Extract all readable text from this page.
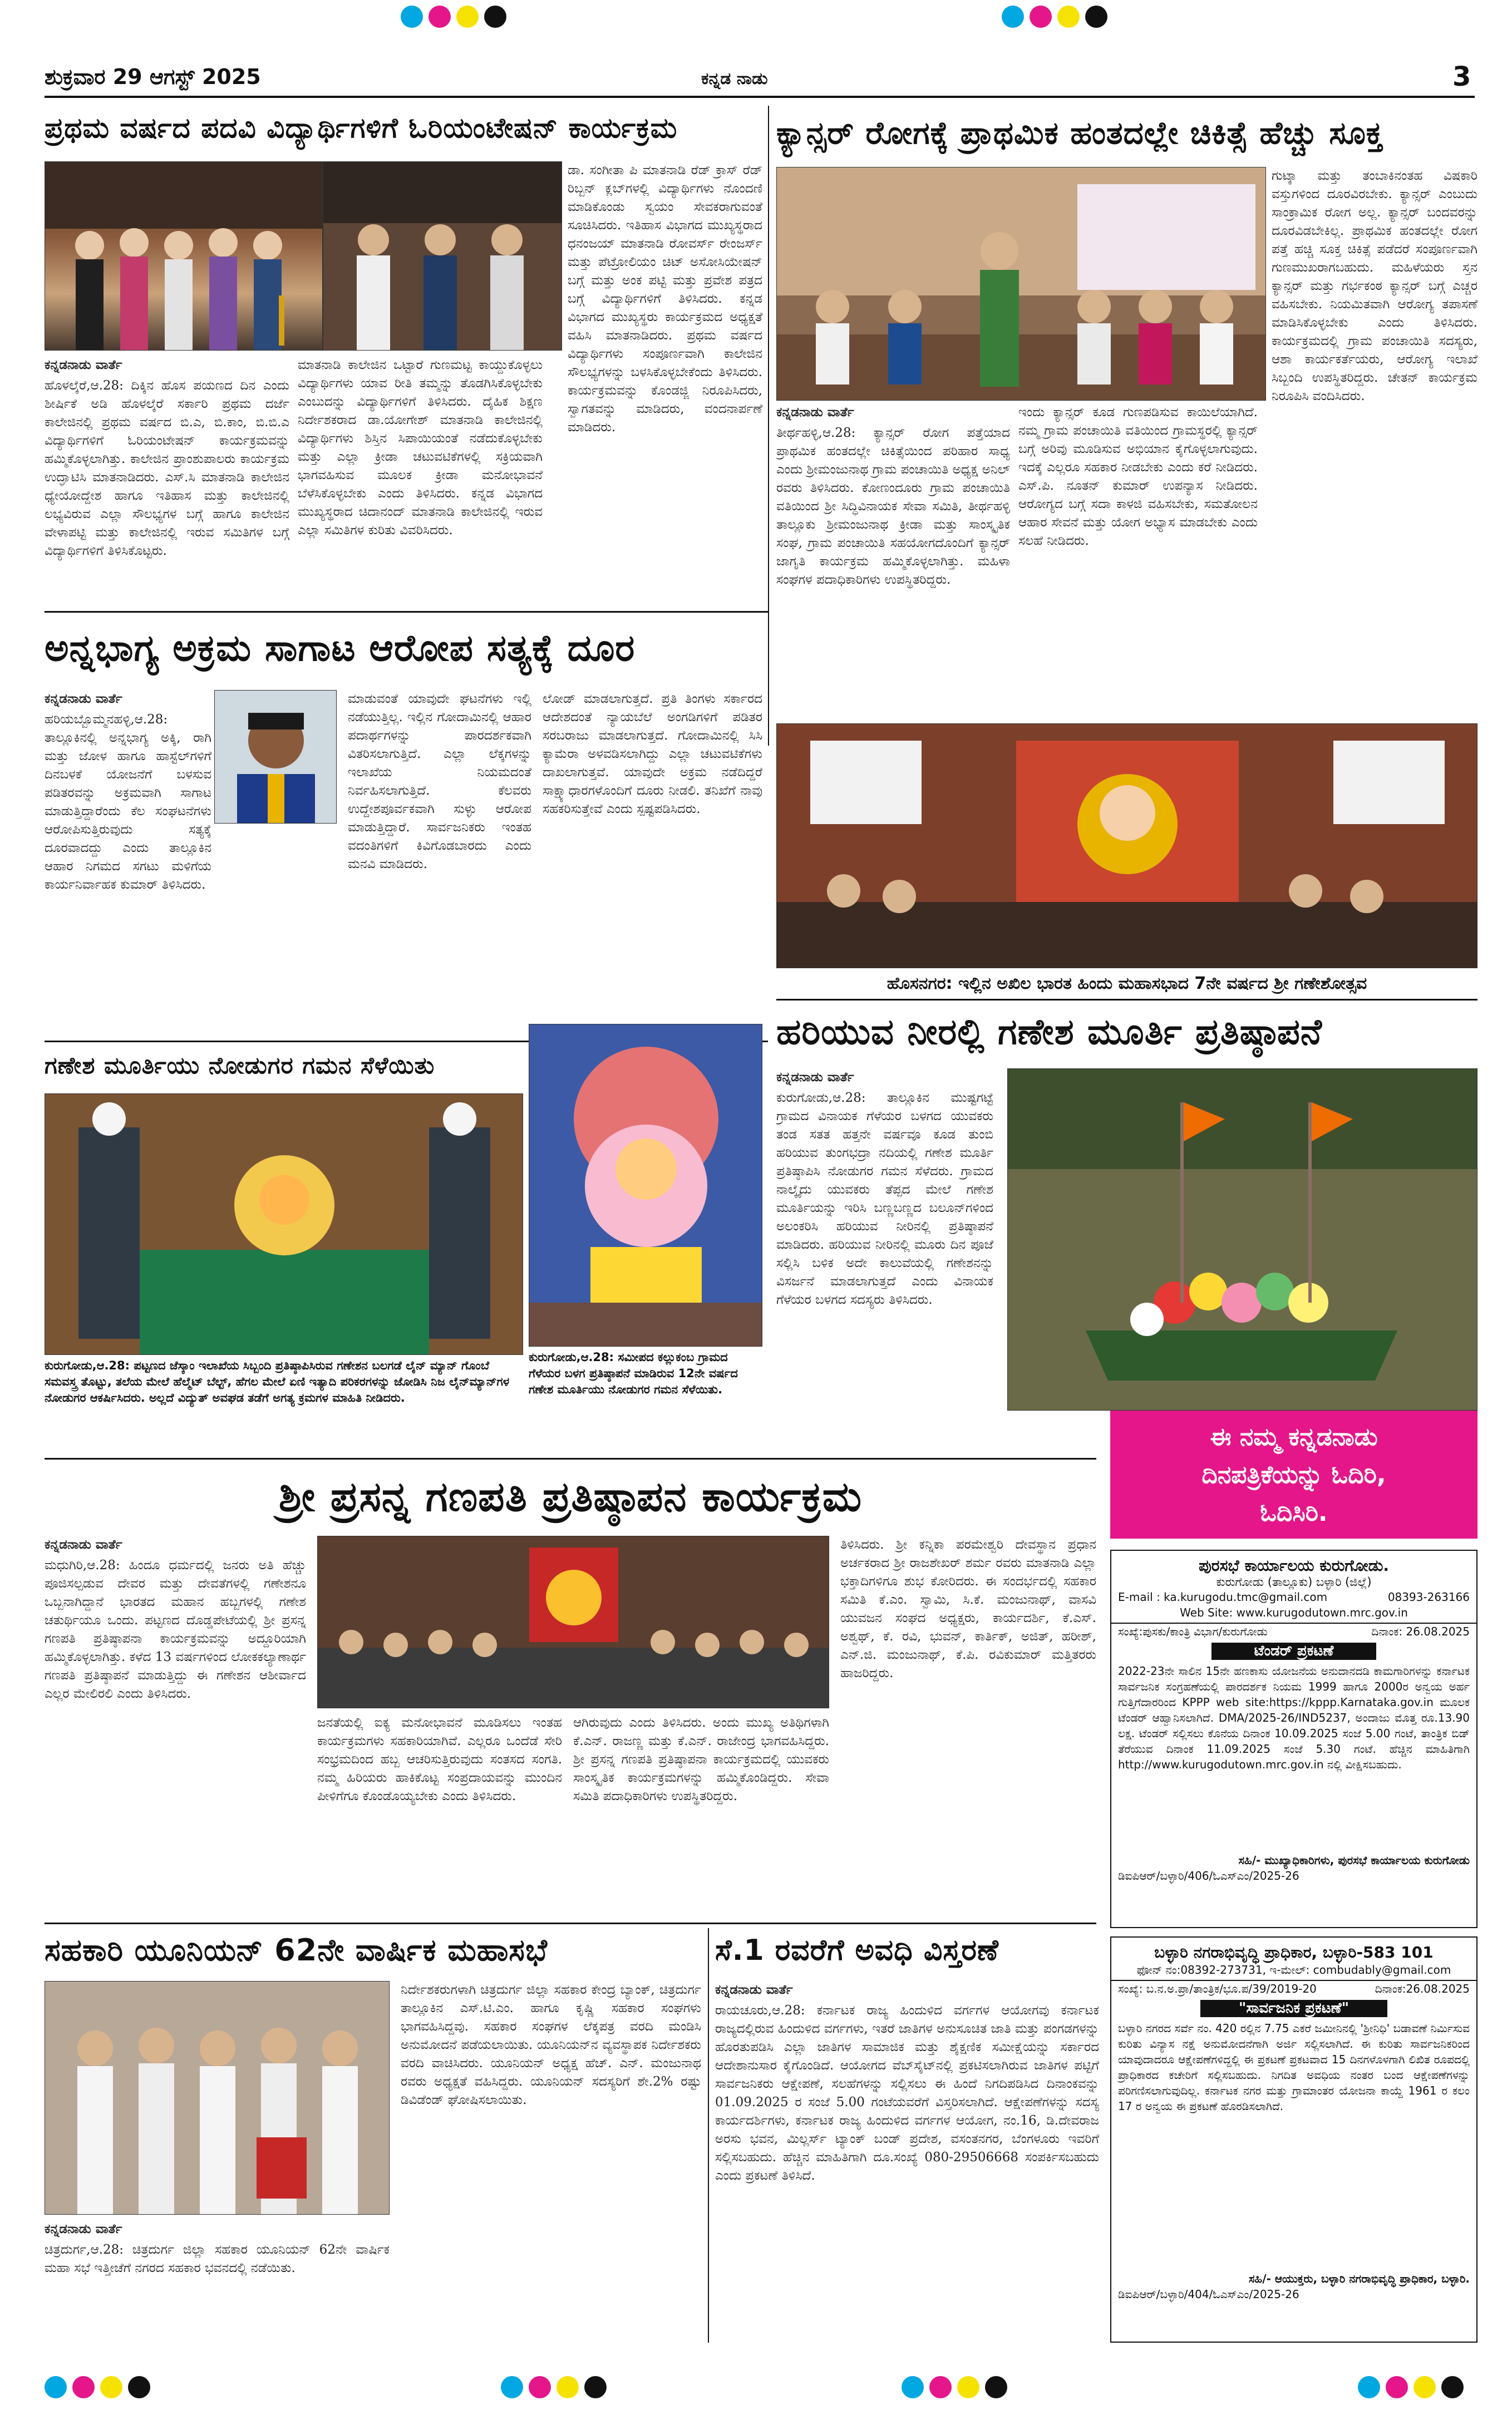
ಶುಕ್ರವಾರ 29 ಆಗಸ್ಟ್ 2025	ಕನ್ನಡ ನಾಡು	3
ಪ್ರಥಮ ವರ್ಷದ ಪದವಿ ವಿದ್ಯಾರ್ಥಿಗಳಿಗೆ ಓರಿಯಂಟೇಷನ್ ಕಾರ್ಯಕ್ರಮ
ಕನ್ನಡನಾಡು ವಾರ್ತೆ
ಹೊಳಲ್ಕೆರೆ,ಆ.28: ದಿಕ್ಕಿನ ಹೊಸ ಪಯಣದ ದಿನ ಎಂದು ಶೀರ್ಷಿಕೆ ಅಡಿ ಹೊಳಲ್ಕೆರೆ ಸರ್ಕಾರಿ ಪ್ರಥಮ ದರ್ಜೆ ಕಾಲೇಜಿನಲ್ಲಿ ಪ್ರಥಮ ವರ್ಷದ ಬಿ.ಎ, ಬಿ.ಕಾಂ, ಬಿ.ಬಿ.ಎ ವಿದ್ಯಾರ್ಥಿಗಳಿಗೆ ಓರಿಯಂಟೇಷನ್ ಕಾರ್ಯಕ್ರಮವನ್ನು ಹಮ್ಮಿಕೊಳ್ಳಲಾಗಿತ್ತು. ಕಾಲೇಜಿನ ಪ್ರಾಂಶುಪಾಲರು ಕಾರ್ಯಕ್ರಮ ಉದ್ಘಾಟಿಸಿ ಮಾತನಾಡಿದರು. ಎಸ್.ಸಿ ಮಾತನಾಡಿ ಕಾಲೇಜಿನ ಧ್ಯೇಯೋದ್ದೇಶ ಹಾಗೂ ಇತಿಹಾಸ ಮತ್ತು ಕಾಲೇಜಿನಲ್ಲಿ ಲಭ್ಯವಿರುವ ಎಲ್ಲಾ ಸೌಲಭ್ಯಗಳ ಬಗ್ಗೆ ಹಾಗೂ ಕಾಲೇಜಿನ ವೇಳಾಪಟ್ಟಿ ಮತ್ತು ಕಾಲೇಜಿನಲ್ಲಿ ಇರುವ ಸಮಿತಿಗಳ ಬಗ್ಗೆ ವಿದ್ಯಾರ್ಥಿಗಳಿಗೆ ತಿಳಿಸಿಕೊಟ್ಟರು.
ಮಾತನಾಡಿ ಕಾಲೇಜಿನ ಒಟ್ಟಾರೆ ಗುಣಮಟ್ಟ ಕಾಯ್ದುಕೊಳ್ಳಲು ವಿದ್ಯಾರ್ಥಿಗಳು ಯಾವ ರೀತಿ ತಮ್ಮನ್ನು ತೊಡಗಿಸಿಕೊಳ್ಳಬೇಕು ಎಂಬುದನ್ನು ವಿದ್ಯಾರ್ಥಿಗಳಿಗೆ ತಿಳಿಸಿದರು. ದೈಹಿಕ ಶಿಕ್ಷಣ ನಿರ್ದೇಶಕರಾದ ಡಾ.ಯೋಗೇಶ್ ಮಾತನಾಡಿ ಕಾಲೇಜಿನಲ್ಲಿ ವಿದ್ಯಾರ್ಥಿಗಳು ಶಿಸ್ತಿನ ಸಿಪಾಯಿಯಂತೆ ನಡೆದುಕೊಳ್ಳಬೇಕು ಮತ್ತು ಎಲ್ಲಾ ಕ್ರೀಡಾ ಚಟುವಟಿಕೆಗಳಲ್ಲಿ ಸಕ್ರಿಯವಾಗಿ ಭಾಗವಹಿಸುವ ಮೂಲಕ ಕ್ರೀಡಾ ಮನೋಭಾವನೆ ಬೆಳೆಸಿಕೊಳ್ಳಬೇಕು ಎಂದು ತಿಳಿಸಿದರು. ಕನ್ನಡ ವಿಭಾಗದ ಮುಖ್ಯಸ್ಥರಾದ ಚಿದಾನಂದ್ ಮಾತನಾಡಿ ಕಾಲೇಜಿನಲ್ಲಿ ಇರುವ ಎಲ್ಲಾ ಸಮಿತಿಗಳ ಕುರಿತು ವಿವರಿಸಿದರು.
ಡಾ. ಸಂಗೀತಾ ಪಿ ಮಾತನಾಡಿ ರೆಡ್ ಕ್ರಾಸ್ ರೆಡ್ ರಿಬ್ಬನ್ ಕ್ಲಬ್‌ಗಳಲ್ಲಿ ವಿದ್ಯಾರ್ಥಿಗಳು ನೊಂದಣಿ ಮಾಡಿಕೊಂಡು ಸ್ವಯಂ ಸೇವಕರಾಗುವಂತೆ ಸೂಚಿಸಿದರು. ಇತಿಹಾಸ ವಿಭಾಗದ ಮುಖ್ಯಸ್ಥರಾದ ಧನಂಜಯ್ ಮಾತನಾಡಿ ರೋವರ್ಸ್ ರೇಂಜರ್ಸ್ ಮತ್ತು ಪೆಟ್ರೋಲಿಯಂ ಚಿಟ್ ಅಸೋಸಿಯೇಷನ್ ಬಗ್ಗೆ ಮತ್ತು ಅಂಕ ಪಟ್ಟಿ ಮತ್ತು ಪ್ರವೇಶ ಪತ್ರದ ಬಗ್ಗೆ ವಿದ್ಯಾರ್ಥಿಗಳಿಗೆ ತಿಳಿಸಿದರು. ಕನ್ನಡ ವಿಭಾಗದ ಮುಖ್ಯಸ್ಥರು ಕಾರ್ಯಕ್ರಮದ ಅಧ್ಯಕ್ಷತೆ ವಹಿಸಿ ಮಾತನಾಡಿದರು. ಪ್ರಥಮ ವರ್ಷದ ವಿದ್ಯಾರ್ಥಿಗಳು ಸಂಪೂರ್ಣವಾಗಿ ಕಾಲೇಜಿನ ಸೌಲಭ್ಯಗಳನ್ನು ಬಳಸಿಕೊಳ್ಳಬೇಕೆಂದು ತಿಳಿಸಿದರು. ಕಾರ್ಯಕ್ರಮವನ್ನು ಕೊಂಡಜ್ಜಿ ನಿರೂಪಿಸಿದರು, ಸ್ವಾಗತವನ್ನು ಮಾಡಿದರು, ವಂದನಾರ್ಪಣೆ ಮಾಡಿದರು.
ಕ್ಯಾನ್ಸರ್ ರೋಗಕ್ಕೆ ಪ್ರಾಥಮಿಕ ಹಂತದಲ್ಲೇ ಚಿಕಿತ್ಸೆ ಹೆಚ್ಚು ಸೂಕ್ತ
ಕನ್ನಡನಾಡು ವಾರ್ತೆ
ತೀರ್ಥಹಳ್ಳಿ,ಆ.28: ಕ್ಯಾನ್ಸರ್ ರೋಗ ಪತ್ತೆಯಾದ ಪ್ರಾಥಮಿಕ ಹಂತದಲ್ಲೇ ಚಿಕಿತ್ಸೆಯಿಂದ ಪರಿಹಾರ ಸಾಧ್ಯ ಎಂದು ಶ್ರೀಮಂಜುನಾಥ ಗ್ರಾಮ ಪಂಚಾಯಿತಿ ಅಧ್ಯಕ್ಷ ಅನಿಲ್ ರವರು ತಿಳಿಸಿದರು. ಕೋಣಂದೂರು ಗ್ರಾಮ ಪಂಚಾಯಿತಿ ವತಿಯಿಂದ ಶ್ರೀ ಸಿದ್ಧಿವಿನಾಯಕ ಸೇವಾ ಸಮಿತಿ, ತೀರ್ಥಹಳ್ಳಿ ತಾಲ್ಲೂಕು ಶ್ರೀಮಂಜುನಾಥ ಕ್ರೀಡಾ ಮತ್ತು ಸಾಂಸ್ಕೃತಿಕ ಸಂಘ, ಗ್ರಾಮ ಪಂಚಾಯಿತಿ ಸಹಯೋಗದೊಂದಿಗೆ ಕ್ಯಾನ್ಸರ್ ಜಾಗೃತಿ ಕಾರ್ಯಕ್ರಮ ಹಮ್ಮಿಕೊಳ್ಳಲಾಗಿತ್ತು. ಮಹಿಳಾ ಸಂಘಗಳ ಪದಾಧಿಕಾರಿಗಳು ಉಪಸ್ಥಿತರಿದ್ದರು.
ಇಂದು ಕ್ಯಾನ್ಸರ್ ಕೂಡ ಗುಣಪಡಿಸುವ ಕಾಯಿಲೆಯಾಗಿದೆ. ನಮ್ಮ ಗ್ರಾಮ ಪಂಚಾಯಿತಿ ವತಿಯಿಂದ ಗ್ರಾಮಸ್ಥರಲ್ಲಿ ಕ್ಯಾನ್ಸರ್ ಬಗ್ಗೆ ಅರಿವು ಮೂಡಿಸುವ ಅಭಿಯಾನ ಕೈಗೊಳ್ಳಲಾಗುವುದು. ಇದಕ್ಕೆ ಎಲ್ಲರೂ ಸಹಕಾರ ನೀಡಬೇಕು ಎಂದು ಕರೆ ನೀಡಿದರು. ಎಸ್.ಪಿ. ನೂತನ್ ಕುಮಾರ್ ಉಪನ್ಯಾಸ ನೀಡಿದರು. ಆರೋಗ್ಯದ ಬಗ್ಗೆ ಸದಾ ಕಾಳಜಿ ವಹಿಸಬೇಕು, ಸಮತೋಲನ ಆಹಾರ ಸೇವನೆ ಮತ್ತು ಯೋಗ ಅಭ್ಯಾಸ ಮಾಡಬೇಕು ಎಂದು ಸಲಹೆ ನೀಡಿದರು.
ಗುಟ್ಕಾ ಮತ್ತು ತಂಬಾಕಿನಂತಹ ವಿಷಕಾರಿ ವಸ್ತುಗಳಿಂದ ದೂರವಿರಬೇಕು. ಕ್ಯಾನ್ಸರ್ ಎಂಬುದು ಸಾಂಕ್ರಾಮಿಕ ರೋಗ ಅಲ್ಲ. ಕ್ಯಾನ್ಸರ್ ಬಂದವರನ್ನು ದೂರವಿಡಬೇಕಿಲ್ಲ. ಪ್ರಾಥಮಿಕ ಹಂತದಲ್ಲೇ ರೋಗ ಪತ್ತೆ ಹಚ್ಚಿ ಸೂಕ್ತ ಚಿಕಿತ್ಸೆ ಪಡೆದರೆ ಸಂಪೂರ್ಣವಾಗಿ ಗುಣಮುಖರಾಗಬಹುದು. ಮಹಿಳೆಯರು ಸ್ತನ ಕ್ಯಾನ್ಸರ್ ಮತ್ತು ಗರ್ಭಕಂಠ ಕ್ಯಾನ್ಸರ್ ಬಗ್ಗೆ ಎಚ್ಚರ ವಹಿಸಬೇಕು. ನಿಯಮಿತವಾಗಿ ಆರೋಗ್ಯ ತಪಾಸಣೆ ಮಾಡಿಸಿಕೊಳ್ಳಬೇಕು ಎಂದು ತಿಳಿಸಿದರು. ಕಾರ್ಯಕ್ರಮದಲ್ಲಿ ಗ್ರಾಮ ಪಂಚಾಯಿತಿ ಸದಸ್ಯರು, ಆಶಾ ಕಾರ್ಯಕರ್ತೆಯರು, ಆರೋಗ್ಯ ಇಲಾಖೆ ಸಿಬ್ಬಂದಿ ಉಪಸ್ಥಿತರಿದ್ದರು. ಚೇತನ್ ಕಾರ್ಯಕ್ರಮ ನಿರೂಪಿಸಿ ವಂದಿಸಿದರು.
ಅನ್ನಭಾಗ್ಯ ಅಕ್ರಮ ಸಾಗಾಟ ಆರೋಪ ಸತ್ಯಕ್ಕೆ ದೂರ
ಕನ್ನಡನಾಡು ವಾರ್ತೆ
ಹರಿಯಬ್ಬೊಮ್ಮನಹಳ್ಳಿ,ಆ.28: ತಾಲ್ಲೂಕಿನಲ್ಲಿ ಅನ್ನಭಾಗ್ಯ ಅಕ್ಕಿ, ರಾಗಿ ಮತ್ತು ಜೋಳ ಹಾಗೂ ಹಾಸ್ಟೆಲ್‌ಗಳಿಗೆ ದಿನಬಳಕೆ ಯೋಜನೆಗೆ ಬಳಸುವ ಪಡಿತರವನ್ನು ಅಕ್ರಮವಾಗಿ ಸಾಗಾಟ ಮಾಡುತ್ತಿದ್ದಾರೆಂದು ಕೆಲ ಸಂಘಟನೆಗಳು ಆರೋಪಿಸುತ್ತಿರುವುದು ಸತ್ಯಕ್ಕೆ ದೂರವಾದದ್ದು ಎಂದು ತಾಲ್ಲೂಕಿನ ಆಹಾರ ನಿಗಮದ ಸಗಟು ಮಳಿಗೆಯ ಕಾರ್ಯನಿರ್ವಾಹಕ ಕುಮಾರ್ ತಿಳಿಸಿದರು.
ಮಾಡುವಂತೆ ಯಾವುದೇ ಘಟನೆಗಳು ಇಲ್ಲಿ ನಡೆಯುತ್ತಿಲ್ಲ. ಇಲ್ಲಿನ ಗೋದಾಮಿನಲ್ಲಿ ಆಹಾರ ಪದಾರ್ಥಗಳನ್ನು ಪಾರದರ್ಶಕವಾಗಿ ವಿತರಿಸಲಾಗುತ್ತಿದೆ. ಎಲ್ಲಾ ಲೆಕ್ಕಗಳನ್ನು ಇಲಾಖೆಯ ನಿಯಮದಂತೆ ನಿರ್ವಹಿಸಲಾಗುತ್ತಿದೆ. ಕೆಲವರು ಉದ್ದೇಶಪೂರ್ವಕವಾಗಿ ಸುಳ್ಳು ಆರೋಪ ಮಾಡುತ್ತಿದ್ದಾರೆ. ಸಾರ್ವಜನಿಕರು ಇಂತಹ ವದಂತಿಗಳಿಗೆ ಕಿವಿಗೊಡಬಾರದು ಎಂದು ಮನವಿ ಮಾಡಿದರು.
ಲೋಡ್ ಮಾಡಲಾಗುತ್ತದೆ. ಪ್ರತಿ ತಿಂಗಳು ಸರ್ಕಾರದ ಆದೇಶದಂತೆ ನ್ಯಾಯಬೆಲೆ ಅಂಗಡಿಗಳಿಗೆ ಪಡಿತರ ಸರಬರಾಜು ಮಾಡಲಾಗುತ್ತದೆ. ಗೋದಾಮಿನಲ್ಲಿ ಸಿಸಿ ಕ್ಯಾಮೆರಾ ಅಳವಡಿಸಲಾಗಿದ್ದು ಎಲ್ಲಾ ಚಟುವಟಿಕೆಗಳು ದಾಖಲಾಗುತ್ತವೆ. ಯಾವುದೇ ಅಕ್ರಮ ನಡೆದಿದ್ದರೆ ಸಾಕ್ಷ್ಯಾಧಾರಗಳೊಂದಿಗೆ ದೂರು ನೀಡಲಿ. ತನಿಖೆಗೆ ನಾವು ಸಹಕರಿಸುತ್ತೇವೆ ಎಂದು ಸ್ಪಷ್ಟಪಡಿಸಿದರು.
ಹೊಸನಗರ: ಇಲ್ಲಿನ ಅಖಿಲ ಭಾರತ ಹಿಂದು ಮಹಾಸಭಾದ 7ನೇ ವರ್ಷದ ಶ್ರೀ ಗಣೇಶೋತ್ಸವ
ಹರಿಯುವ ನೀರಲ್ಲಿ ಗಣೇಶ ಮೂರ್ತಿ ಪ್ರತಿಷ್ಠಾಪನೆ
ಕನ್ನಡನಾಡು ವಾರ್ತೆ
ಕುರುಗೋಡು,ಆ.28: ತಾಲ್ಲೂಕಿನ ಮುಷ್ಟಗಟ್ಟೆ ಗ್ರಾಮದ ವಿನಾಯಕ ಗೆಳೆಯರ ಬಳಗದ ಯುವಕರು ತಂಡ ಸತತ ಹತ್ತನೇ ವರ್ಷವೂ ಕೂಡ ತುಂಬಿ ಹರಿಯುವ ತುಂಗಭದ್ರಾ ನದಿಯಲ್ಲಿ ಗಣೇಶ ಮೂರ್ತಿ ಪ್ರತಿಷ್ಠಾಪಿಸಿ ನೋಡುಗರ ಗಮನ ಸೆಳೆದರು. ಗ್ರಾಮದ ನಾಲ್ಕೈದು ಯುವಕರು ತೆಪ್ಪದ ಮೇಲೆ ಗಣೇಶ ಮೂರ್ತಿಯನ್ನು ಇರಿಸಿ ಬಣ್ಣಬಣ್ಣದ ಬಲೂನ್‌ಗಳಿಂದ ಅಲಂಕರಿಸಿ ಹರಿಯುವ ನೀರಿನಲ್ಲಿ ಪ್ರತಿಷ್ಠಾಪನೆ ಮಾಡಿದರು. ಹರಿಯುವ ನೀರಿನಲ್ಲಿ ಮೂರು ದಿನ ಪೂಜೆ ಸಲ್ಲಿಸಿ ಬಳಿಕ ಅದೇ ಕಾಲುವೆಯಲ್ಲಿ ಗಣೇಶನನ್ನು ವಿಸರ್ಜನೆ ಮಾಡಲಾಗುತ್ತದೆ ಎಂದು ವಿನಾಯಕ ಗೆಳೆಯರ ಬಳಗದ ಸದಸ್ಯರು ತಿಳಿಸಿದರು.
ಗಣೇಶ ಮೂರ್ತಿಯು ನೋಡುಗರ ಗಮನ ಸೆಳೆಯಿತು
ಕುರುಗೋಡು,ಆ.28: ಪಟ್ಟಣದ ಜೆಸ್ಕಾಂ ಇಲಾಖೆಯ ಸಿಬ್ಬಂದಿ ಪ್ರತಿಷ್ಠಾಪಿಸಿರುವ ಗಣೇಶನ ಬಲಗಡೆ ಲೈನ್ ಮ್ಯಾನ್ ಗೊಂಬೆ ಸಮವಸ್ತ್ರ ತೊಟ್ಟು, ತಲೆಯ ಮೇಲೆ ಹೆಲ್ಮೆಟ್ ಬೆಲ್ಟ್, ಹೆಗಲ ಮೇಲೆ ಏಣಿ ಇತ್ಯಾದಿ ಪರಿಕರಗಳನ್ನು ಜೋಡಿಸಿ ನಿಜ ಲೈನ್‌ಮ್ಯಾನ್‌ಗಳ ನೋಡುಗರ ಆಕರ್ಷಿಸಿದರು. ಅಲ್ಲದೆ ವಿದ್ಯುತ್ ಅವಘಡ ತಡೆಗೆ ಅಗತ್ಯ ಕ್ರಮಗಳ ಮಾಹಿತಿ ನೀಡಿದರು.
ಕುರುಗೋಡು,ಆ.28: ಸಮೀಪದ ಕಲ್ಲುಕಂಬ ಗ್ರಾಮದ ಗೆಳೆಯರ ಬಳಗ ಪ್ರತಿಷ್ಠಾಪನೆ ಮಾಡಿರುವ 12ನೇ ವರ್ಷದ ಗಣೇಶ ಮೂರ್ತಿಯು ನೋಡುಗರ ಗಮನ ಸೆಳೆಯಿತು.
ಈ ನಮ್ಮ ಕನ್ನಡನಾಡು
ದಿನಪತ್ರಿಕೆಯನ್ನು ಓದಿರಿ,
ಓದಿಸಿರಿ.
ಶ್ರೀ ಪ್ರಸನ್ನ ಗಣಪತಿ ಪ್ರತಿಷ್ಠಾಪನ ಕಾರ್ಯಕ್ರಮ
ಕನ್ನಡನಾಡು ವಾರ್ತೆ
ಮಧುಗಿರಿ,ಆ.28: ಹಿಂದೂ ಧರ್ಮದಲ್ಲಿ ಜನರು ಅತಿ ಹೆಚ್ಚು ಪೂಜಿಸಲ್ಪಡುವ ದೇವರ ಮತ್ತು ದೇವತೆಗಳಲ್ಲಿ ಗಣೇಶನೂ ಒಬ್ಬನಾಗಿದ್ದಾನೆ ಭಾರತದ ಮಹಾನ ಹಬ್ಬಗಳಲ್ಲಿ ಗಣೇಶ ಚತುರ್ಥಿಯೂ ಒಂದು. ಪಟ್ಟಣದ ದೊಡ್ಡಪೇಟೆಯಲ್ಲಿ ಶ್ರೀ ಪ್ರಸನ್ನ ಗಣಪತಿ ಪ್ರತಿಷ್ಠಾಪನಾ ಕಾರ್ಯಕ್ರಮವನ್ನು ಅದ್ದೂರಿಯಾಗಿ ಹಮ್ಮಿಕೊಳ್ಳಲಾಗಿತ್ತು. ಕಳೆದ 13 ವರ್ಷಗಳಿಂದ ಲೋಕಕಲ್ಯಾಣಾರ್ಥ ಗಣಪತಿ ಪ್ರತಿಷ್ಠಾಪನೆ ಮಾಡುತ್ತಿದ್ದು ಈ ಗಣೇಶನ ಆಶೀರ್ವಾದ ಎಲ್ಲರ ಮೇಲಿರಲಿ ಎಂದು ತಿಳಿಸಿದರು.
ಜನತೆಯಲ್ಲಿ ಐಕ್ಯ ಮನೋಭಾವನೆ ಮೂಡಿಸಲು ಇಂತಹ ಕಾರ್ಯಕ್ರಮಗಳು ಸಹಕಾರಿಯಾಗಿವೆ. ಎಲ್ಲರೂ ಒಂದೆಡೆ ಸೇರಿ ಸಂಭ್ರಮದಿಂದ ಹಬ್ಬ ಆಚರಿಸುತ್ತಿರುವುದು ಸಂತಸದ ಸಂಗತಿ. ನಮ್ಮ ಹಿರಿಯರು ಹಾಕಿಕೊಟ್ಟ ಸಂಪ್ರದಾಯವನ್ನು ಮುಂದಿನ ಪೀಳಿಗೆಗೂ ಕೊಂಡೊಯ್ಯಬೇಕು ಎಂದು ತಿಳಿಸಿದರು.
ಆಗಿರುವುದು ಎಂದು ತಿಳಿಸಿದರು. ಅಂದು ಮುಖ್ಯ ಅತಿಥಿಗಳಾಗಿ ಕೆ.ಎನ್. ರಾಜಣ್ಣ ಮತ್ತು ಕೆ.ಎನ್. ರಾಜೇಂದ್ರ ಭಾಗವಹಿಸಿದ್ದರು. ಶ್ರೀ ಪ್ರಸನ್ನ ಗಣಪತಿ ಪ್ರತಿಷ್ಠಾಪನಾ ಕಾರ್ಯಕ್ರಮದಲ್ಲಿ ಯುವಕರು ಸಾಂಸ್ಕೃತಿಕ ಕಾರ್ಯಕ್ರಮಗಳನ್ನು ಹಮ್ಮಿಕೊಂಡಿದ್ದರು. ಸೇವಾ ಸಮಿತಿ ಪದಾಧಿಕಾರಿಗಳು ಉಪಸ್ಥಿತರಿದ್ದರು.
ತಿಳಿಸಿದರು. ಶ್ರೀ ಕನ್ನಿಕಾ ಪರಮೇಶ್ವರಿ ದೇವಸ್ಥಾನ ಪ್ರಧಾನ ಅರ್ಚಕರಾದ ಶ್ರೀ ರಾಜಶೇಖರ್ ಶರ್ಮ ರವರು ಮಾತನಾಡಿ ಎಲ್ಲಾ ಭಕ್ತಾದಿಗಳಿಗೂ ಶುಭ ಕೋರಿದರು. ಈ ಸಂದರ್ಭದಲ್ಲಿ ಸಹಕಾರ ಸಮಿತಿ ಕೆ.ಎಂ. ಸ್ವಾಮಿ, ಸಿ.ಕೆ. ಮಂಜುನಾಥ್, ವಾಸವಿ ಯುವಜನ ಸಂಘದ ಅಧ್ಯಕ್ಷರು, ಕಾರ್ಯದರ್ಶಿ, ಕೆ.ಎಸ್. ಅಶ್ವಥ್, ಕೆ. ರವಿ, ಭುವನ್, ಕಾರ್ತಿಕ್, ಅಜಿತ್, ಹರೀಶ್, ಎನ್.ಜಿ. ಮಂಜುನಾಥ್, ಕೆ.ಪಿ. ರವಿಕುಮಾರ್ ಮತ್ತಿತರರು ಹಾಜರಿದ್ದರು.
ಪುರಸಭೆ ಕಾರ್ಯಾಲಯ ಕುರುಗೋಡು.
ಕುರುಗೋಡು (ತಾಲ್ಲೂಕು) ಬಳ್ಳಾರಿ (ಜಿಲ್ಲೆ)
E-mail : ka.kurugodu.tmc@gmail.com	08393-263166
Web Site: www.kurugodutown.mrc.gov.in
ಸಂಖ್ಯೆ:ಪುಸಕು/ಕಾಂತ್ರಿ ವಿಭಾಗ/ಕುರುಗೋಡು	ದಿನಾಂಕ: 26.08.2025
ಟೆಂಡರ್ ಪ್ರಕಟಣೆ
2022-23ನೇ ಸಾಲಿನ 15ನೇ ಹಣಕಾಸು ಯೋಜನೆಯ ಅನುದಾನದಡಿ ಕಾಮಗಾರಿಗಳನ್ನು ಕರ್ನಾಟಕ ಸಾರ್ವಜನಿಕ ಸಂಗ್ರಹಣೆಯಲ್ಲಿ ಪಾರದರ್ಶಕ ನಿಯಮ 1999 ಹಾಗೂ 2000ರ ಅನ್ವಯ ಅರ್ಹ ಗುತ್ತಿಗೆದಾರರಿಂದ KPPP web site:https://kppp.Karnataka.gov.in ಮೂಲಕ ಟೆಂಡರ್ ಆಹ್ವಾನಿಸಲಾಗಿದೆ. DMA/2025-26/IND5237, ಅಂದಾಜು ಮೊತ್ತ ರೂ.13.90 ಲಕ್ಷ. ಟೆಂಡರ್ ಸಲ್ಲಿಸಲು ಕೊನೆಯ ದಿನಾಂಕ 10.09.2025 ಸಂಜೆ 5.00 ಗಂಟೆ, ತಾಂತ್ರಿಕ ಬಿಡ್ ತೆರೆಯುವ ದಿನಾಂಕ 11.09.2025 ಸಂಜೆ 5.30 ಗಂಟೆ. ಹೆಚ್ಚಿನ ಮಾಹಿತಿಗಾಗಿ http://www.kurugodutown.mrc.gov.in ನಲ್ಲಿ ವೀಕ್ಷಿಸಬಹುದು.
ಸಹಿ/- ಮುಖ್ಯಾಧಿಕಾರಿಗಳು, ಪುರಸಭೆ ಕಾರ್ಯಾಲಯ ಕುರುಗೋಡು
ಡಿಐಪಿಆರ್/ಬಳ್ಳಾರಿ/406/ಓಎಸ್ಎಂ/2025-26
ಸಹಕಾರಿ ಯೂನಿಯನ್ 62ನೇ ವಾರ್ಷಿಕ ಮಹಾಸಭೆ
ಕನ್ನಡನಾಡು ವಾರ್ತೆ
ಚಿತ್ರದುರ್ಗ,ಆ.28: ಚಿತ್ರದುರ್ಗ ಜಿಲ್ಲಾ ಸಹಕಾರ ಯೂನಿಯನ್ 62ನೇ ವಾರ್ಷಿಕ ಮಹಾ ಸಭೆ ಇತ್ತೀಚೆಗೆ ನಗರದ ಸಹಕಾರ ಭವನದಲ್ಲಿ ನಡೆಯಿತು.
ನಿರ್ದೇಶಕರುಗಳಾಗಿ ಚಿತ್ರದುರ್ಗ ಜಿಲ್ಲಾ ಸಹಕಾರ ಕೇಂದ್ರ ಬ್ಯಾಂಕ್, ಚಿತ್ರದುರ್ಗ ತಾಲ್ಲೂಕಿನ ಎಸ್.ಟಿ.ಎಂ. ಹಾಗೂ ಕೃಷ್ಣಿ ಸಹಕಾರ ಸಂಘಗಳು ಭಾಗವಹಿಸಿದ್ದವು. ಸಹಕಾರ ಸಂಘಗಳ ಲೆಕ್ಕಪತ್ರ ವರದಿ ಮಂಡಿಸಿ ಅನುಮೋದನೆ ಪಡೆಯಲಾಯಿತು. ಯೂನಿಯನ್‌ನ ವ್ಯವಸ್ಥಾಪಕ ನಿರ್ದೇಶಕರು ವರದಿ ವಾಚಿಸಿದರು. ಯೂನಿಯನ್ ಅಧ್ಯಕ್ಷ ಹೆಚ್. ಎನ್. ಮಂಜುನಾಥ ರವರು ಅಧ್ಯಕ್ಷತೆ ವಹಿಸಿದ್ದರು. ಯೂನಿಯನ್ ಸದಸ್ಯರಿಗೆ ಶೇ.2% ರಷ್ಟು ಡಿವಿಡೆಂಡ್ ಘೋಷಿಸಲಾಯಿತು.
ಸೆ.1 ರವರೆಗೆ ಅವಧಿ ವಿಸ್ತರಣೆ
ಕನ್ನಡನಾಡು ವಾರ್ತೆ
ರಾಯಚೂರು,ಆ.28: ಕರ್ನಾಟಕ ರಾಜ್ಯ ಹಿಂದುಳಿದ ವರ್ಗಗಳ ಆಯೋಗವು ಕರ್ನಾಟಕ ರಾಜ್ಯದಲ್ಲಿರುವ ಹಿಂದುಳಿದ ವರ್ಗಗಳು, ಇತರೆ ಜಾತಿಗಳ ಅನುಸೂಚಿತ ಜಾತಿ ಮತ್ತು ಪಂಗಡಗಳನ್ನು ಹೊರತುಪಡಿಸಿ ಎಲ್ಲಾ ಜಾತಿಗಳ ಸಾಮಾಜಿಕ ಮತ್ತು ಶೈಕ್ಷಣಿಕ ಸಮೀಕ್ಷೆಯನ್ನು ಸರ್ಕಾರದ ಆದೇಶಾನುಸಾರ ಕೈಗೊಂಡಿದೆ. ಆಯೋಗದ ವೆಬ್‌ಸೈಟ್‌ನಲ್ಲಿ ಪ್ರಕಟಿಸಲಾಗಿರುವ ಜಾತಿಗಳ ಪಟ್ಟಿಗೆ ಸಾರ್ವಜನಿಕರು ಆಕ್ಷೇಪಣೆ, ಸಲಹೆಗಳನ್ನು ಸಲ್ಲಿಸಲು ಈ ಹಿಂದೆ ನಿಗದಿಪಡಿಸಿದ ದಿನಾಂಕವನ್ನು 01.09.2025 ರ ಸಂಜೆ 5.00 ಗಂಟೆಯವರೆಗೆ ವಿಸ್ತರಿಸಲಾಗಿದೆ. ಆಕ್ಷೇಪಣೆಗಳನ್ನು ಸದಸ್ಯ ಕಾರ್ಯದರ್ಶಿಗಳು, ಕರ್ನಾಟಕ ರಾಜ್ಯ ಹಿಂದುಳಿದ ವರ್ಗಗಳ ಆಯೋಗ, ನಂ.16, ಡಿ.ದೇವರಾಜ ಅರಸು ಭವನ, ಮಿಲ್ಲರ್ಸ್ ಟ್ಯಾಂಕ್ ಬಂಡ್ ಪ್ರದೇಶ, ವಸಂತನಗರ, ಬೆಂಗಳೂರು ಇವರಿಗೆ ಸಲ್ಲಿಸಬಹುದು. ಹೆಚ್ಚಿನ ಮಾಹಿತಿಗಾಗಿ ದೂ.ಸಂಖ್ಯೆ 080-29506668 ಸಂಪರ್ಕಿಸಬಹುದು ಎಂದು ಪ್ರಕಟಣೆ ತಿಳಿಸಿದೆ.
ಬಳ್ಳಾರಿ ನಗರಾಭಿವೃದ್ಧಿ ಪ್ರಾಧಿಕಾರ, ಬಳ್ಳಾರಿ-583 101
ಫೋನ್ ನಂ:08392-273731, ಇ-ಮೇಲ್: combudably@gmail.com
ಸಂಖ್ಯೆ: ಬ.ನ.ಅ.ಪ್ರಾ/ತಾಂತ್ರಿಕ/ಭೂ.ಪ/39/2019-20	ದಿನಾಂಕ:26.08.2025
"ಸಾರ್ವಜನಿಕ ಪ್ರಕಟಣೆ"
ಬಳ್ಳಾರಿ ನಗರದ ಸರ್ವೆ ನಂ. 420 ರಲ್ಲಿನ 7.75 ಎಕರೆ ಜಮೀನಿನಲ್ಲಿ 'ಶ್ರೀನಿಧಿ' ಬಡಾವಣೆ ನಿರ್ಮಿಸುವ ಕುರಿತು ವಿನ್ಯಾಸ ನಕ್ಷೆ ಅನುಮೋದನೆಗಾಗಿ ಅರ್ಜಿ ಸಲ್ಲಿಸಲಾಗಿದೆ. ಈ ಕುರಿತು ಸಾರ್ವಜನಿಕರಿಂದ ಯಾವುದಾದರೂ ಆಕ್ಷೇಪಣೆಗಳಿದ್ದಲ್ಲಿ ಈ ಪ್ರಕಟಣೆ ಪ್ರಕಟವಾದ 15 ದಿನಗಳೊಳಗಾಗಿ ಲಿಖಿತ ರೂಪದಲ್ಲಿ ಪ್ರಾಧಿಕಾರದ ಕಚೇರಿಗೆ ಸಲ್ಲಿಸಬಹುದು. ನಿಗದಿತ ಅವಧಿಯ ನಂತರ ಬಂದ ಆಕ್ಷೇಪಣೆಗಳನ್ನು ಪರಿಗಣಿಸಲಾಗುವುದಿಲ್ಲ. ಕರ್ನಾಟಕ ನಗರ ಮತ್ತು ಗ್ರಾಮಾಂತರ ಯೋಜನಾ ಕಾಯ್ದೆ 1961 ರ ಕಲಂ 17 ರ ಅನ್ವಯ ಈ ಪ್ರಕಟಣೆ ಹೊರಡಿಸಲಾಗಿದೆ.
ಸಹಿ/- ಆಯುಕ್ತರು, ಬಳ್ಳಾರಿ ನಗರಾಭಿವೃದ್ಧಿ ಪ್ರಾಧಿಕಾರ, ಬಳ್ಳಾರಿ.
ಡಿಐಪಿಆರ್/ಬಳ್ಳಾರಿ/404/ಓಎಸ್ಎಂ/2025-26
